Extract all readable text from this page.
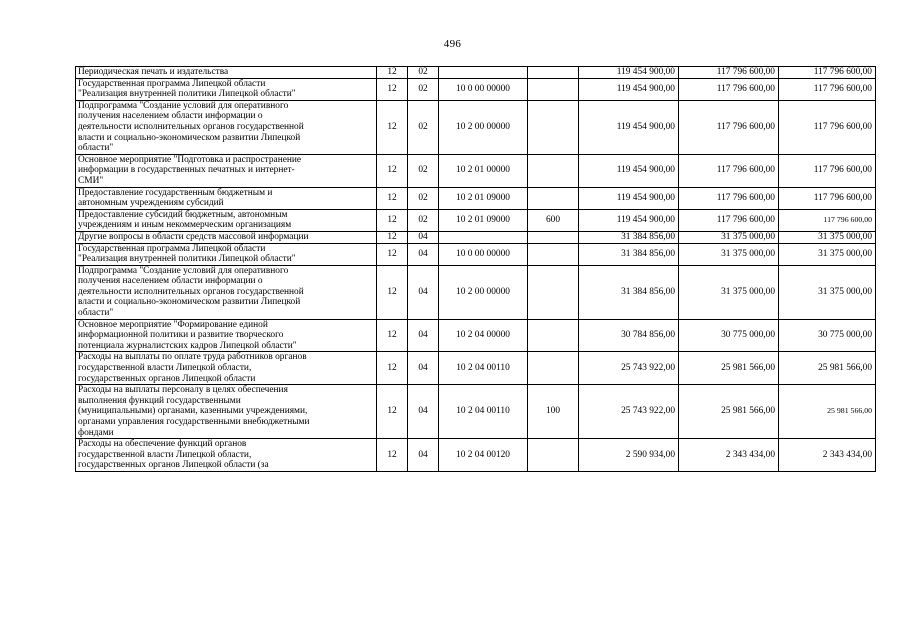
496
Периодическая печать и издательства	12	02			119 454 900,00	117 796 600,00	117 796 600,00
Государственная программа Липецкой области
"Реализация внутренней политики Липецкой области"	12	02	10 0 00 00000		119 454 900,00	117 796 600,00	117 796 600,00
Подпрограмма "Создание условий для оперативного
получения населением области информации о
деятельности исполнительных органов государственной
власти и социально-экономическом развитии Липецкой
области"	12	02	10 2 00 00000		119 454 900,00	117 796 600,00	117 796 600,00
Основное мероприятие "Подготовка и распространение
информации в государственных печатных и интернет-
СМИ"	12	02	10 2 01 00000		119 454 900,00	117 796 600,00	117 796 600,00
Предоставление государственным бюджетным и
автономным учреждениям субсидий	12	02	10 2 01 09000		119 454 900,00	117 796 600,00	117 796 600,00
Предоставление субсидий бюджетным, автономным
учреждениям и иным некоммерческим организациям	12	02	10 2 01 09000	600	119 454 900,00	117 796 600,00	117 796 600,00
Другие вопросы в области средств массовой информации	12	04			31 384 856,00	31 375 000,00	31 375 000,00
Государственная программа Липецкой области
"Реализация внутренней политики Липецкой области"	12	04	10 0 00 00000		31 384 856,00	31 375 000,00	31 375 000,00
Подпрограмма "Создание условий для оперативного
получения населением области информации о
деятельности исполнительных органов государственной
власти и социально-экономическом развитии Липецкой
области"	12	04	10 2 00 00000		31 384 856,00	31 375 000,00	31 375 000,00
Основное мероприятие "Формирование единой
информационной политики и развитие творческого
потенциала журналистских кадров Липецкой области"	12	04	10 2 04 00000		30 784 856,00	30 775 000,00	30 775 000,00
Расходы на выплаты по оплате труда работников органов
государственной власти Липецкой области,
государственных органов Липецкой области	12	04	10 2 04 00110		25 743 922,00	25 981 566,00	25 981 566,00
Расходы на выплаты персоналу в целях обеспечения
выполнения функций государственными
(муниципальными) органами, казенными учреждениями,
органами управления государственными внебюджетными
фондами	12	04	10 2 04 00110	100	25 743 922,00	25 981 566,00	25 981 566,00
Расходы на обеспечение функций органов
государственной власти Липецкой области,
государственных органов Липецкой области (за	12	04	10 2 04 00120		2 590 934,00	2 343 434,00	2 343 434,00
